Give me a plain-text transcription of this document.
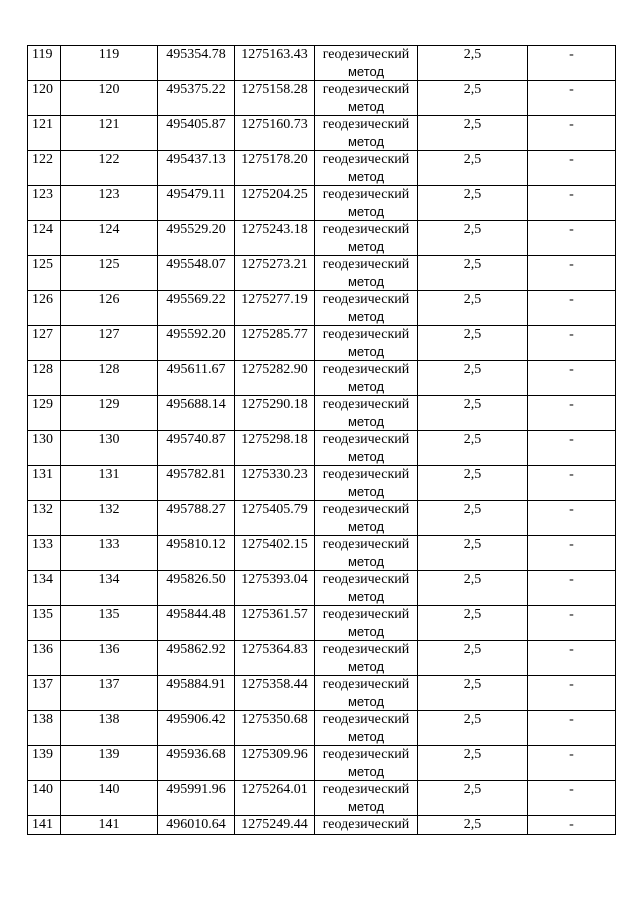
119	119	495354.78	1275163.43	геодезический
метод	2,5	-
120	120	495375.22	1275158.28	геодезический
метод	2,5	-
121	121	495405.87	1275160.73	геодезический
метод	2,5	-
122	122	495437.13	1275178.20	геодезический
метод	2,5	-
123	123	495479.11	1275204.25	геодезический
метод	2,5	-
124	124	495529.20	1275243.18	геодезический
метод	2,5	-
125	125	495548.07	1275273.21	геодезический
метод	2,5	-
126	126	495569.22	1275277.19	геодезический
метод	2,5	-
127	127	495592.20	1275285.77	геодезический
метод	2,5	-
128	128	495611.67	1275282.90	геодезический
метод	2,5	-
129	129	495688.14	1275290.18	геодезический
метод	2,5	-
130	130	495740.87	1275298.18	геодезический
метод	2,5	-
131	131	495782.81	1275330.23	геодезический
метод	2,5	-
132	132	495788.27	1275405.79	геодезический
метод	2,5	-
133	133	495810.12	1275402.15	геодезический
метод	2,5	-
134	134	495826.50	1275393.04	геодезический
метод	2,5	-
135	135	495844.48	1275361.57	геодезический
метод	2,5	-
136	136	495862.92	1275364.83	геодезический
метод	2,5	-
137	137	495884.91	1275358.44	геодезический
метод	2,5	-
138	138	495906.42	1275350.68	геодезический
метод	2,5	-
139	139	495936.68	1275309.96	геодезический
метод	2,5	-
140	140	495991.96	1275264.01	геодезический
метод	2,5	-
141	141	496010.64	1275249.44	геодезический	2,5	-
